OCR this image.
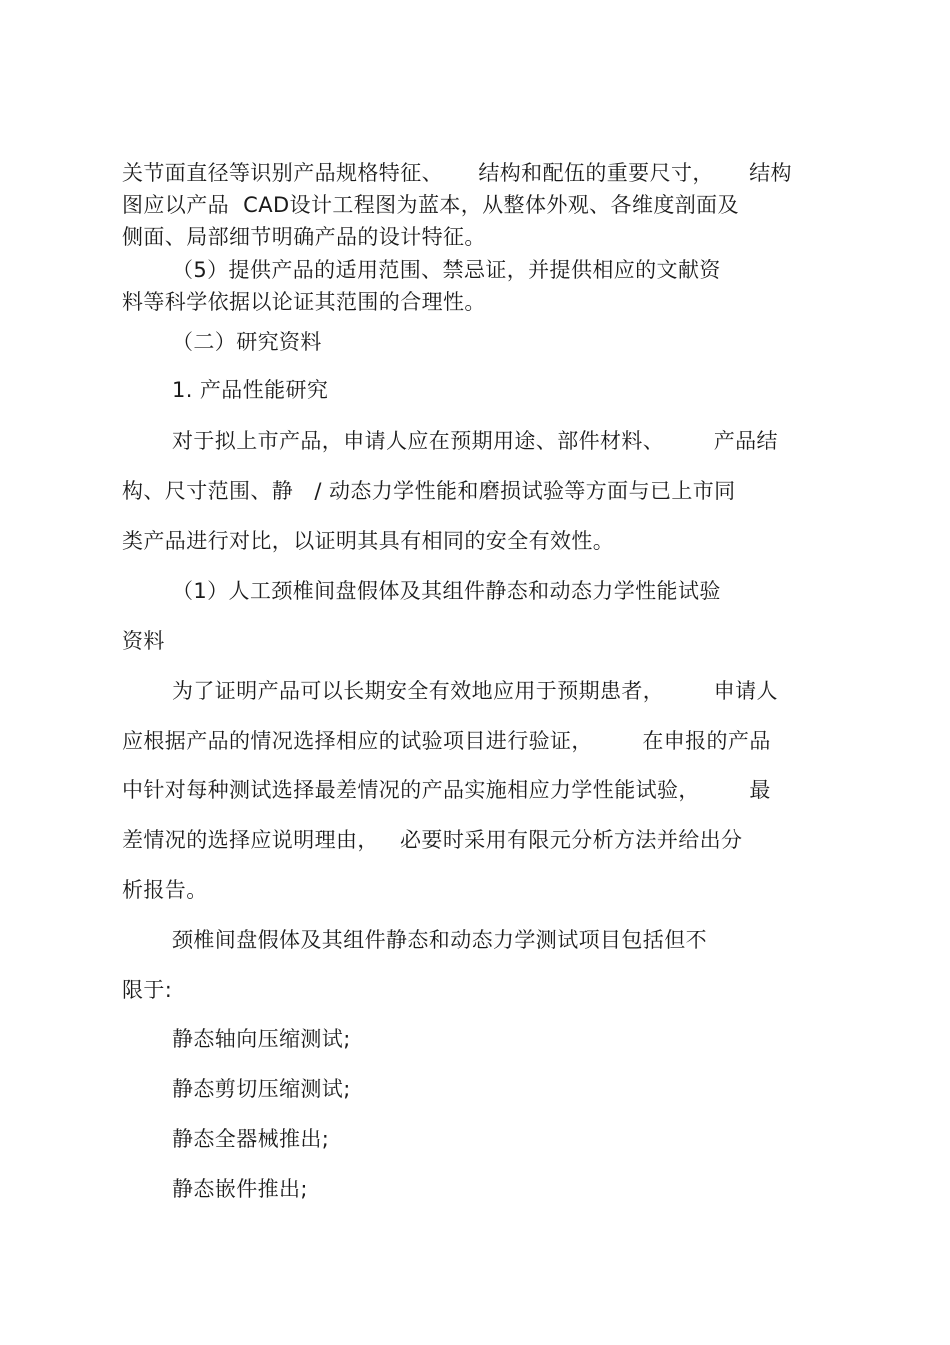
关节面直径等识别产品规格特征、     结构和配伍的重要尺寸，     结构
图应以产品  CAD设计工程图为蓝本，从整体外观、各维度剖面及
侧面、局部细节明确产品的设计特征。
（5）提供产品的适用范围、禁忌证，并提供相应的文献资
料等科学依据以论证其范围的合理性。
（二）研究资料
1. 产品性能研究
对于拟上市产品，申请人应在预期用途、部件材料、       产品结
构、尺寸范围、静   / 动态力学性能和磨损试验等方面与已上市同
类产品进行对比，以证明其具有相同的安全有效性。
（1）人工颈椎间盘假体及其组件静态和动态力学性能试验
资料
为了证明产品可以长期安全有效地应用于预期患者，       申请人
应根据产品的情况选择相应的试验项目进行验证，       在申报的产品
中针对每种测试选择最差情况的产品实施相应力学性能试验，       最
差情况的选择应说明理由，   必要时采用有限元分析方法并给出分
析报告。
颈椎间盘假体及其组件静态和动态力学测试项目包括但不
限于:
静态轴向压缩测试;
静态剪切压缩测试;
静态全器械推出;
静态嵌件推出;
